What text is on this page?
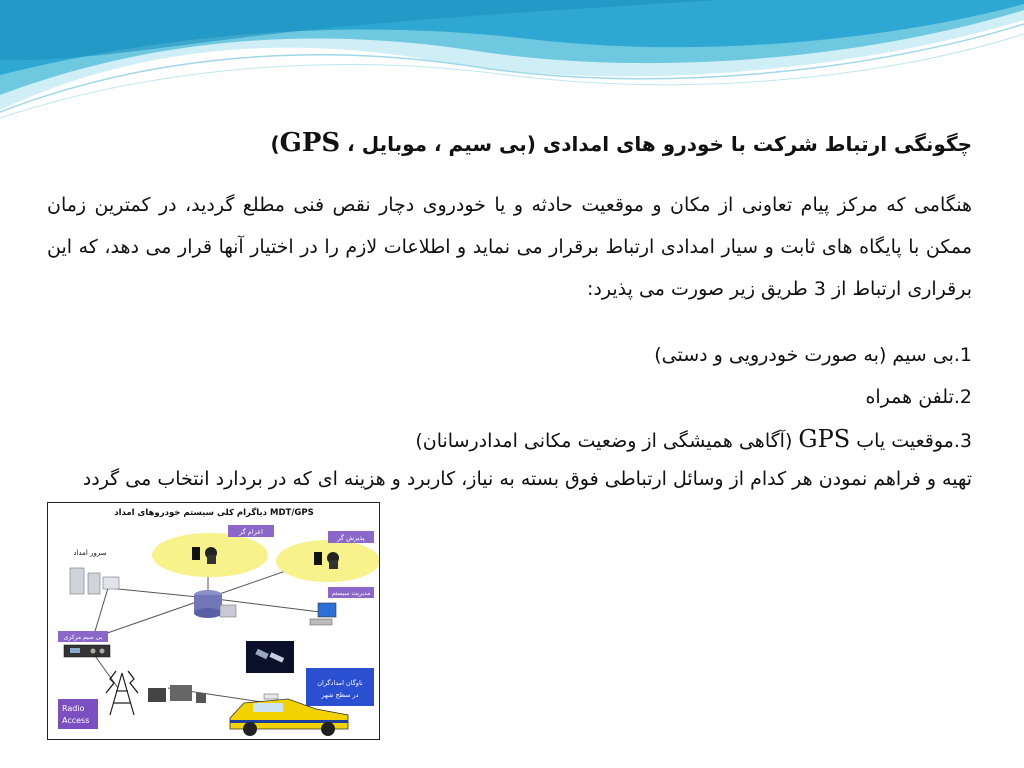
چگونگی ارتباط شرکت با خودرو های امدادی (بی سیم ، موبایل ، GPS)
هنگامی که مرکز پیام تعاونی از مکان و موقعیت حادثه و یا خودروی دچار نقص فنی مطلع گردید، در کمترین زمان ممکن با پایگاه های ثابت و سیار امدادی ارتباط برقرار می نماید و اطلاعات لازم را در اختیار آنها قرار می دهد، که این برقراری ارتباط از 3 طریق زیر صورت می پذیرد:
1.بی سیم (به صورت خودرویی و دستی)
2.تلفن همراه
3.موقعیت یاب GPS (آگاهی همیشگی از وضعیت مکانی امدادرسانان)
تهیه و فراهم نمودن هر کدام از وسائل ارتباطی فوق بسته به نیاز، کاربرد و هزینه ای که در بردارد انتخاب می گردد
دیاگرام کلی سیستم خودروهای امداد MDT/GPS
اعزام گر
پذیرش گر
مدیریت سیستم
سرور امداد
بی سیم مرکزی
Radio
Access
ناوگان امدادگران
در سطح شهر
